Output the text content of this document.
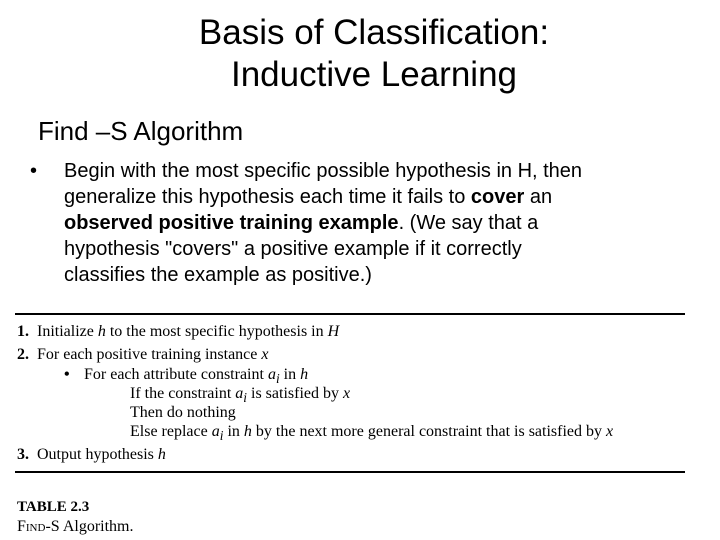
Basis of Classification:
Inductive Learning
Find –S Algorithm
• Begin with the most specific possible hypothesis in H, then
generalize this hypothesis each time it fails to cover an
observed positive training example. (We say that a
hypothesis "covers" a positive example if it correctly
classifies the example as positive.)
1. Initialize h to the most specific hypothesis in H
2. For each positive training instance x
• For each attribute constraint $a_i$ in h
If the constraint $a_i$ is satisfied by x
Then do nothing
Else replace $a_i$ in h by the next more general constraint that is satisfied by x
3. Output hypothesis h
TABLE 2.3
Find-S Algorithm.
